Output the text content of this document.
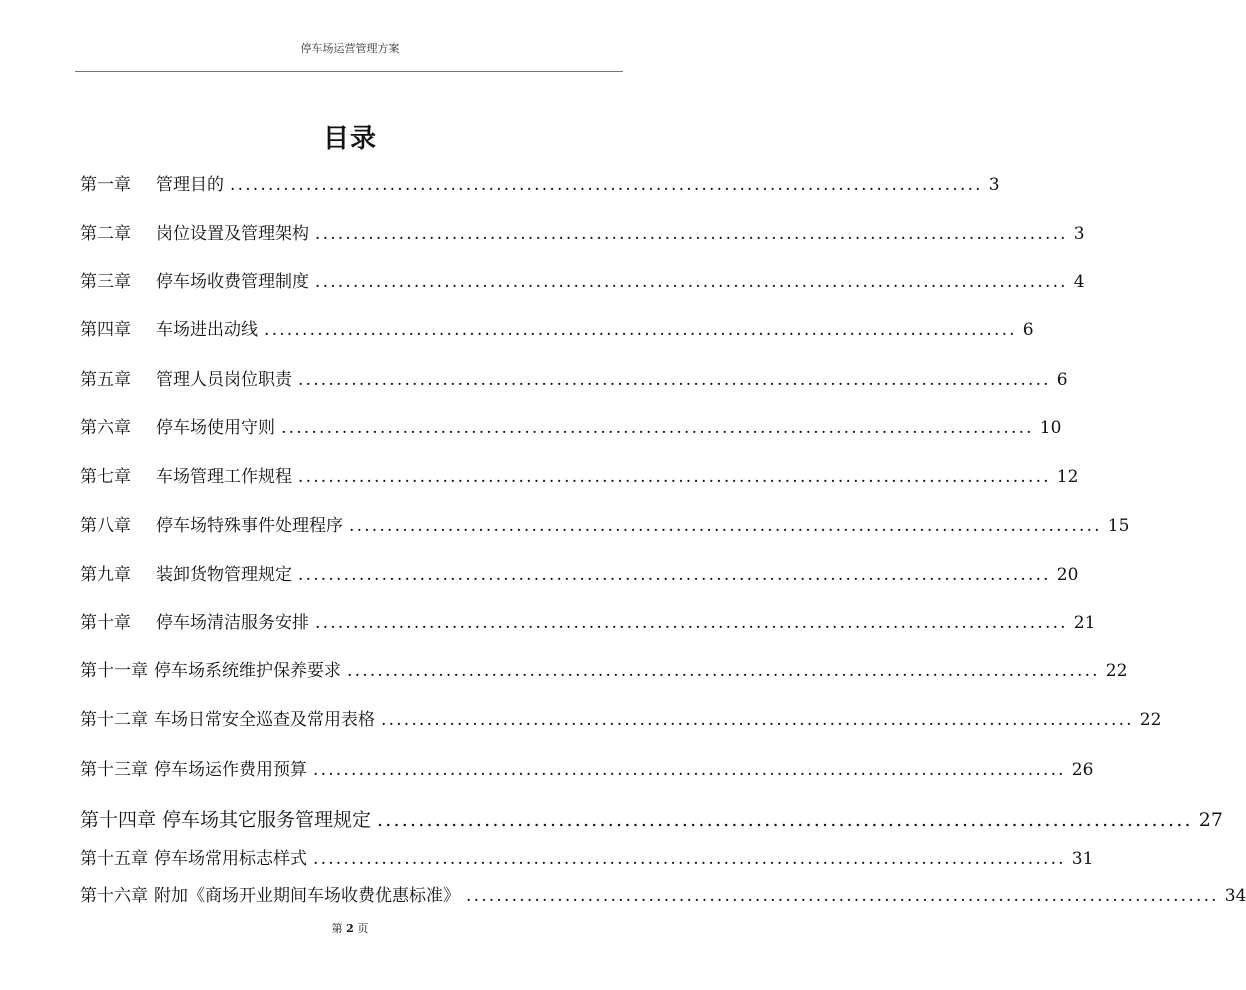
停车场运营管理方案
目录
第一章	管理目的 ................................................................................................... 3
第二章	岗位设置及管理架构 ................................................................................................... 3
第三章	停车场收费管理制度 ................................................................................................... 4
第四章	车场进出动线 ................................................................................................... 6
第五章	管理人员岗位职责 ................................................................................................... 6
第六章	停车场使用守则 ................................................................................................... 10
第七章	车场管理工作规程 ................................................................................................... 12
第八章	停车场特殊事件处理程序 ................................................................................................... 15
第九章	装卸货物管理规定 ................................................................................................... 20
第十章	停车场清洁服务安排 ................................................................................................... 21
第十一章 停车场系统维护保养要求 ................................................................................................... 22
第十二章 车场日常安全巡查及常用表格 ................................................................................................... 22
第十三章 停车场运作费用预算 ................................................................................................... 26
第十四章 停车场其它服务管理规定 ................................................................................................... 27
第十五章 停车场常用标志样式 ................................................................................................... 31
第十六章 附加《商场开业期间车场收费优惠标准》 ................................................................................................... 34
第 2 页
